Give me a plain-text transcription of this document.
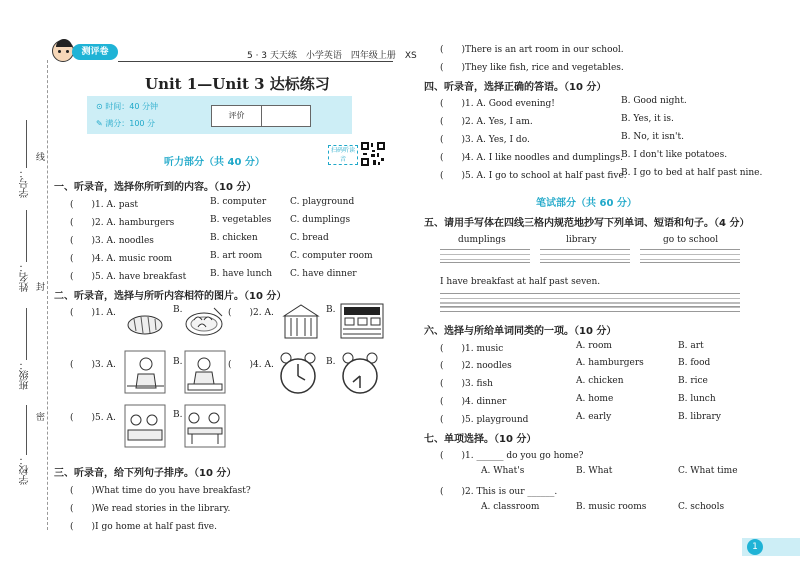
线
封
密
学号：
姓名：
班级：
学校：
测评卷	5 · 3 天天练　小学英语　四年级上册　XS
Unit 1—Unit 3 达标练习
⊙ 时间：40 分钟
✎ 满分：100 分
评价
扫码听读音
听力部分（共 40 分）
一、听录音，选择你所听到的内容。（10 分）
(　　)1. A. past	B. computer	C. playground
(　　)2. A. hamburgers	B. vegetables C. dumplings
(　　)3. A. noodles	B. chicken	C. bread
(　　)4. A. music room	B. art room	C. computer room
(　　)5. A. have breakfast	B. have lunch C. have dinner
二、听录音，选择与所听内容相符的图片。（10 分）
(　　)1. A.	B.	(　　)2. A.	B.
(　　)3. A.	B.	(　　)4. A.	B.
(　　)5. A.	B.
三、听录音，给下列句子排序。（10 分）
(　　)What time do you have breakfast?
(　　)We read stories in the library.
(　　)I go home at half past five.
(　　)There is an art room in our school.
(　　)They like fish, rice and vegetables.
四、听录音，选择正确的答语。（10 分）
(　　)1. A. Good evening!	B. Good night.
(　　)2. A. Yes, I am.	B. Yes, it is.
(　　)3. A. Yes, I do.	B. No, it isn't.
(　　)4. A. I like noodles and dumplings.
B. I don't like potatoes.
(　　)5. A. I go to school at half past five.
B. I go to bed at half past nine.
笔试部分（共 60 分）
五、请用手写体在四线三格内规范地抄写下列单词、短语和句子。（4 分）
dumplings	library	go to school
I have breakfast at half past seven.
六、选择与所给单词同类的一项。（10 分）
(　　)1. music	A. room	B. art
(　　)2. noodles	A. hamburgers	B. food
(　　)3. fish	A. chicken	B. rice
(　　)4. dinner	A. home	B. lunch
(　　)5. playground	A. early	B. library
七、单项选择。（10 分）
(　　)1. ______ do you go home?
A. What's	B. What	C. What time
(　　)2. This is our ______.
A. classroom	B. music rooms	C. schools
1
